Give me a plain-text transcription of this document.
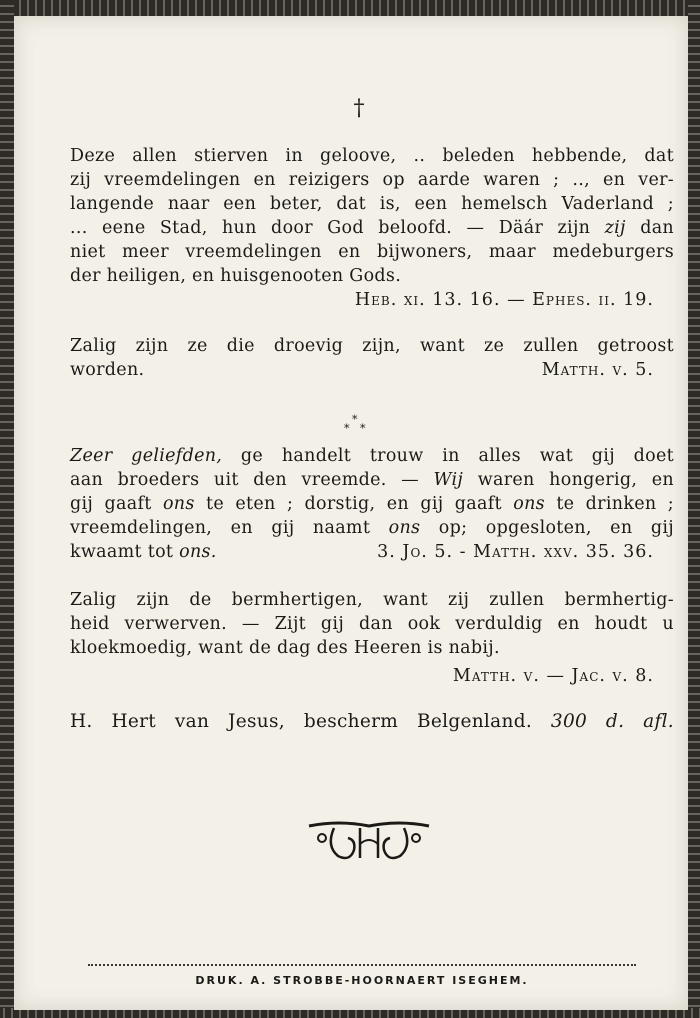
†
Deze allen stierven in geloove, .. beleden hebbende, dat
zij vreemdelingen en reizigers op aarde waren ; .., en ver-
langende naar een beter, dat is, een hemelsch Vaderland ;
... eene Stad, hun door God beloofd. — Däár zijn zij dan
niet meer vreemdelingen en bijwoners, maar medeburgers
der heiligen, en huisgenooten Gods.
Heb. xi. 13. 16. — Ephes. ii. 19.
Zalig zijn ze die droevig zijn, want ze zullen getroost
worden.	Matth. v. 5.
*
* *
Zeer geliefden, ge handelt trouw in alles wat gij doet
aan broeders uit den vreemde. — Wij waren hongerig, en
gij gaaft ons te eten ; dorstig, en gij gaaft ons te drinken ;
vreemdelingen, en gij naamt ons op; opgesloten, en gij
kwaamt tot ons.	3. Jo. 5. - Matth. xxv. 35. 36.
Zalig zijn de bermhertigen, want zij zullen bermhertig-
heid verwerven. — Zijt gij dan ook verduldig en houdt u
kloekmoedig, want de dag des Heeren is nabij.
Matth. v. — Jac. v. 8.
H. Hert van Jesus, bescherm Belgenland. 300 d. afl.
DRUK. A. STROBBE-HOORNAERT ISEGHEM.
